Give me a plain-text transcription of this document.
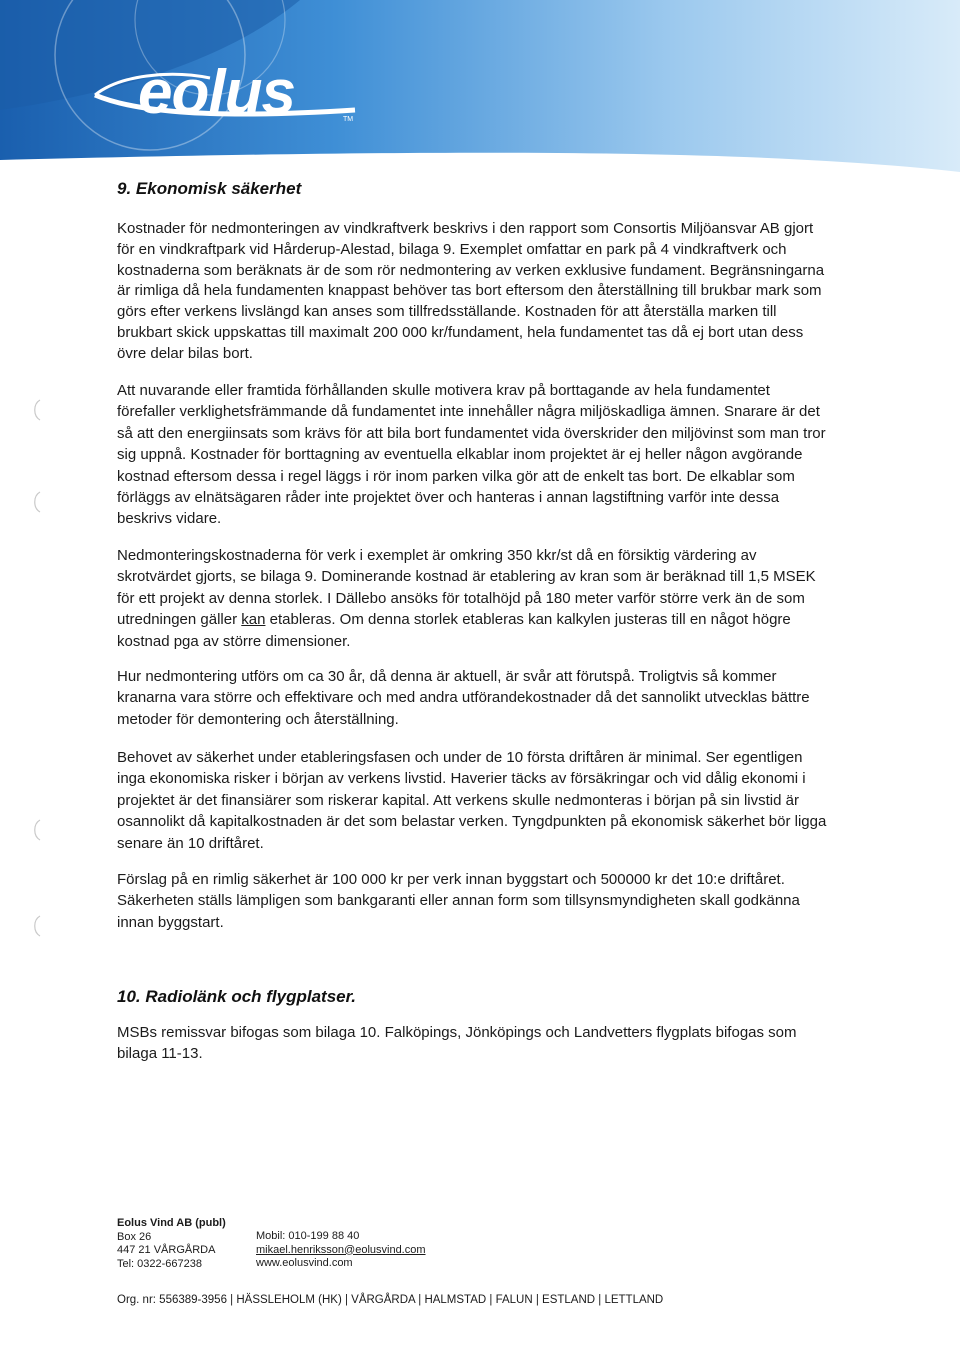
eolus	TM
9. Ekonomisk säkerhet

Kostnader för nedmonteringen av vindkraftverk beskrivs i den rapport som Consortis Miljöansvar AB gjort för en vindkraftpark vid Hårderup-Alestad, bilaga 9. Exemplet omfattar en park på 4 vindkraftverk och kostnaderna som beräknats är de som rör nedmontering av verken exklusive fundament. Begränsningarna är rimliga då hela fundamenten knappast behöver tas bort eftersom den återställning till brukbar mark som görs efter verkens livslängd kan anses som tillfredsställande. Kostnaden för att återställa marken till brukbart skick uppskattas till maximalt 200 000 kr/fundament, hela fundamentet tas då ej bort utan dess övre delar bilas bort.

Att nuvarande eller framtida förhållanden skulle motivera krav på borttagande av hela fundamentet förefaller verklighetsfrämmande då fundamentet inte innehåller några miljöskadliga ämnen. Snarare är det så att den energiinsats som krävs för att bila bort fundamentet vida överskrider den miljövinst som man tror sig uppnå. Kostnader för borttagning av eventuella elkablar inom projektet är ej heller någon avgörande kostnad eftersom dessa i regel läggs i rör inom parken vilka gör att de enkelt tas bort. De elkablar som förläggs av elnätsägaren råder inte projektet över och hanteras i annan lagstiftning varför inte dessa beskrivs vidare.

Nedmonteringskostnaderna för verk i exemplet är omkring 350 kkr/st då en försiktig värdering av skrotvärdet gjorts, se bilaga 9. Dominerande kostnad är etablering av kran som är beräknad till 1,5 MSEK för ett projekt av denna storlek. I Dällebo ansöks för totalhöjd på 180 meter varför större verk än de som utredningen gäller kan etableras. Om denna storlek etableras kan kalkylen justeras till en något högre kostnad pga av större dimensioner.

Hur nedmontering utförs om ca 30 år, då denna är aktuell, är svår att förutspå. Troligtvis så kommer kranarna vara större och effektivare och med andra utförandekostnader då det sannolikt utvecklas bättre metoder för demontering och återställning.

Behovet av säkerhet under etableringsfasen och under de 10 första driftåren är minimal. Ser egentligen inga ekonomiska risker i början av verkens livstid. Haverier täcks av försäkringar och vid dålig ekonomi i projektet är det finansiärer som riskerar kapital. Att verkens skulle nedmonteras i början på sin livstid är osannolikt då kapitalkostnaden är det som belastar verken. Tyngdpunkten på ekonomisk säkerhet bör ligga senare än 10 driftåret.

Förslag på en rimlig säkerhet är 100 000 kr per verk innan byggstart och 500000 kr det 10:e driftåret. Säkerheten ställs lämpligen som bankgaranti eller annan form som tillsynsmyndigheten skall godkänna innan byggstart.

10. Radiolänk och flygplatser.

MSBs remissvar bifogas som bilaga 10. Falköpings, Jönköpings och Landvetters flygplats bifogas som bilaga 11-13.

Eolus Vind AB (publ)
Box 26
447 21 VÅRGÅRDA
Tel: 0322-667238
Mobil: 010-199 88 40
mikael.henriksson@eolusvind.com
www.eolusvind.com
Org. nr: 556389-3956 | HÄSSLEHOLM (HK) | VÅRGÅRDA | HALMSTAD | FALUN | ESTLAND | LETTLAND
